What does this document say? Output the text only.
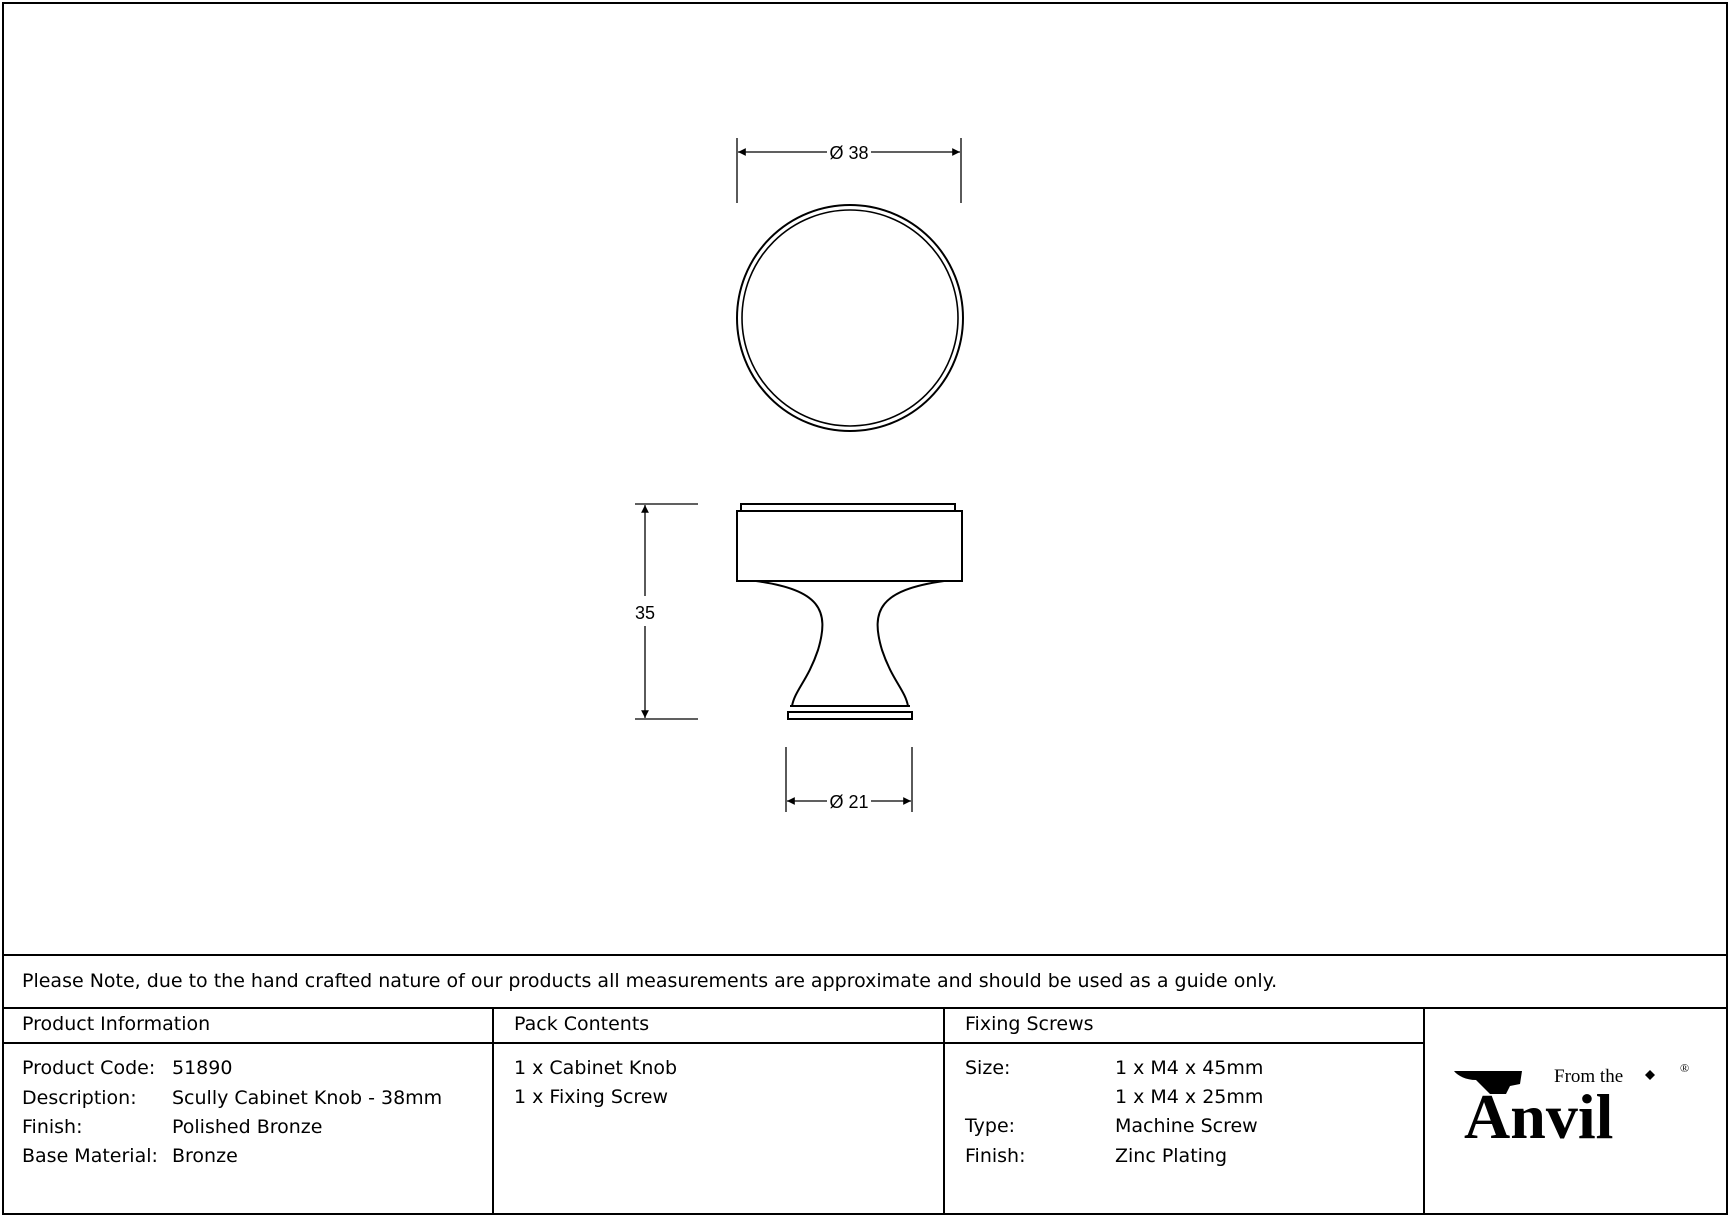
Ø 38
35
Ø 21
Please Note, due to the hand crafted nature of our products all measurements are approximate and should be used as a guide only.
Product Information
Product Code: 51890
Description: Scully Cabinet Knob - 38mm
Finish:	Polished Bronze
Base Material: Bronze
Pack Contents
1 x Cabinet Knob
1 x Fixing Screw
Fixing Screws
Size:	1 x M4 x 45mm
1 x M4 x 25mm
Type:	Machine Screw
Finish:	Zinc Plating
From the	®
Anvil
